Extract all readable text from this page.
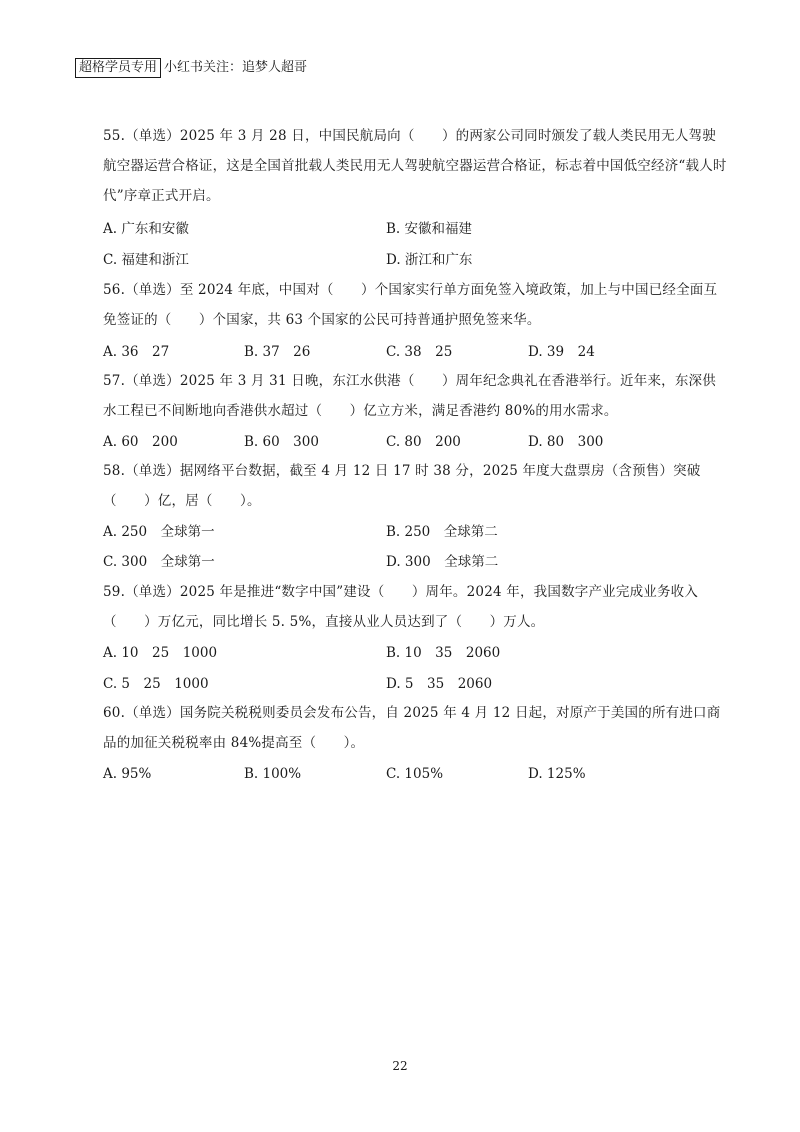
超格学员专用 小红书关注：追梦人超哥
55.（单选）2025 年 3 月 28 日，中国民航局向（　　）的两家公司同时颁发了载人类民用无人驾驶航空器运营合格证，这是全国首批载人类民用无人驾驶航空器运营合格证，标志着中国低空经济“载人时代”序章正式开启。
A. 广东和安徽	B. 安徽和福建
C. 福建和浙江	D. 浙江和广东
56.（单选）至 2024 年底，中国对（　　）个国家实行单方面免签入境政策，加上与中国已经全面互免签证的（　　）个国家，共 63 个国家的公民可持普通护照免签来华。
A. 36　27	B. 37　26	C. 38　25	D. 39　24
57.（单选）2025 年 3 月 31 日晚，东江水供港（　　）周年纪念典礼在香港举行。近年来，东深供水工程已不间断地向香港供水超过（　　）亿立方米，满足香港约 80%的用水需求。
A. 60　200	B. 60　300	C. 80　200	D. 80　300
58.（单选）据网络平台数据，截至 4 月 12 日 17 时 38 分，2025 年度大盘票房（含预售）突破（　　）亿，居（　　）。
A. 250　全球第一	B. 250　全球第二
C. 300　全球第一	D. 300　全球第二
59.（单选）2025 年是推进“数字中国”建设（　　）周年。2024 年，我国数字产业完成业务收入（　　）万亿元，同比增长 5. 5%，直接从业人员达到了（　　）万人。
A. 10　25　1000	B. 10　35　2060
C. 5　25　1000	D. 5　35　2060
60.（单选）国务院关税税则委员会发布公告，自 2025 年 4 月 12 日起，对原产于美国的所有进口商品的加征关税税率由 84%提高至（　　）。
A. 95%	B. 100%	C. 105%	D. 125%
22
